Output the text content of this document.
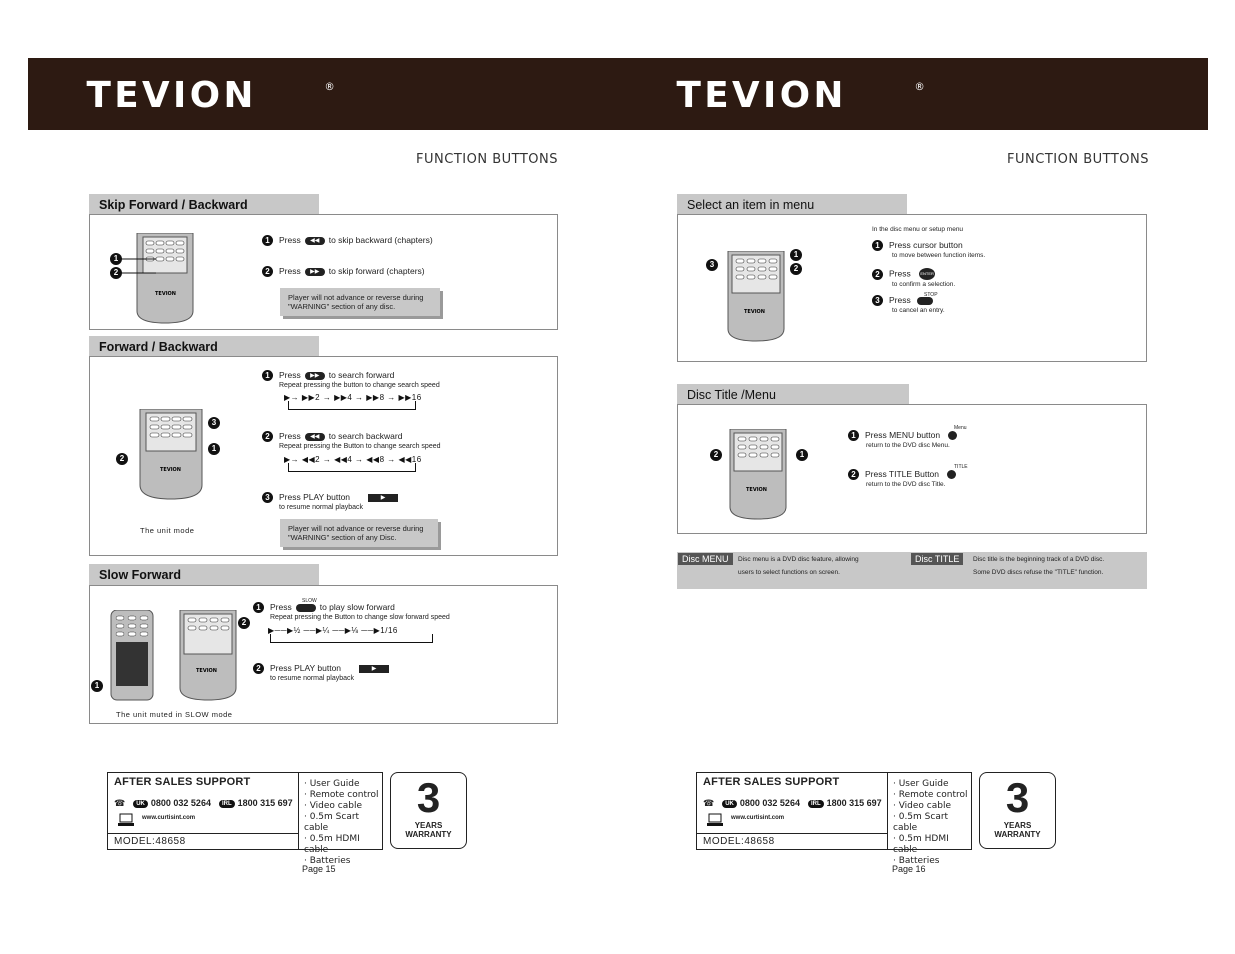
TEVION	®
FUNCTION BUTTONS
Skip Forward / Backward
TEVION
1
2
1 Press ◀◀ to skip backward (chapters)
2 Press ▶▶ to skip forward (chapters)
Player will not advance or reverse during
"WARNING" section of any disc.
Forward / Backward
TEVION
3
1
2
1 Press ▶▶ to search forward
Repeat pressing the button to change search speed
▶→ ▶▶2 → ▶▶4 → ▶▶8 → ▶▶16
2 Press ◀◀ to search backward
Repeat pressing the Button to change search speed
▶→ ◀◀2 → ◀◀4 → ◀◀8 → ◀◀16
3 Press PLAY button	▶
to resume normal playback
The unit mode	Player will not advance or reverse during
"WARNING" section of any Disc.
Slow Forward
1
TEVION
2
SLOW
1 Press	to play slow forward
Repeat pressing the Button to change slow forward speed
▶──▶½ ──▶¼ ──▶⅛ ──▶1/16
2 Press PLAY button	▶
to resume normal playback
The unit muted in SLOW mode
AFTER SALES SUPPORT
☎ UK 0800 032 5264 IRL 1800 315 697
www.curtisint.com
MODEL:48658
· User Guide
· Remote control
· Video cable
· 0.5m Scart cable
· 0.5m HDMI cable
· Batteries
3
YEARS
WARRANTY
Page 15
TEVION	®
FUNCTION BUTTONS
Select an item in menu
TEVION
1
2
3
In the disc menu or setup menu
1 Press cursor button
to move between function items.
2 Press ENTER
to confirm a selection.
STOP
3 Press
to cancel an entry.
Disc Title /Menu
TEVION
2	1
Menu
1 Press MENU button
return to the DVD disc Menu.
TITLE
2 Press TITLE Button
return to the DVD disc Title.
Disc MENU	Disc menu is a DVD disc feature, allowing
users to select functions on screen.
Disc TITLE	Disc title is the beginning track of a DVD disc.
Some DVD discs refuse the "TITLE" function.
AFTER SALES SUPPORT
☎ UK 0800 032 5264 IRL 1800 315 697
www.curtisint.com
MODEL:48658
· User Guide
· Remote control
· Video cable
· 0.5m Scart cable
· 0.5m HDMI cable
· Batteries
3
YEARS
WARRANTY
Page 16
